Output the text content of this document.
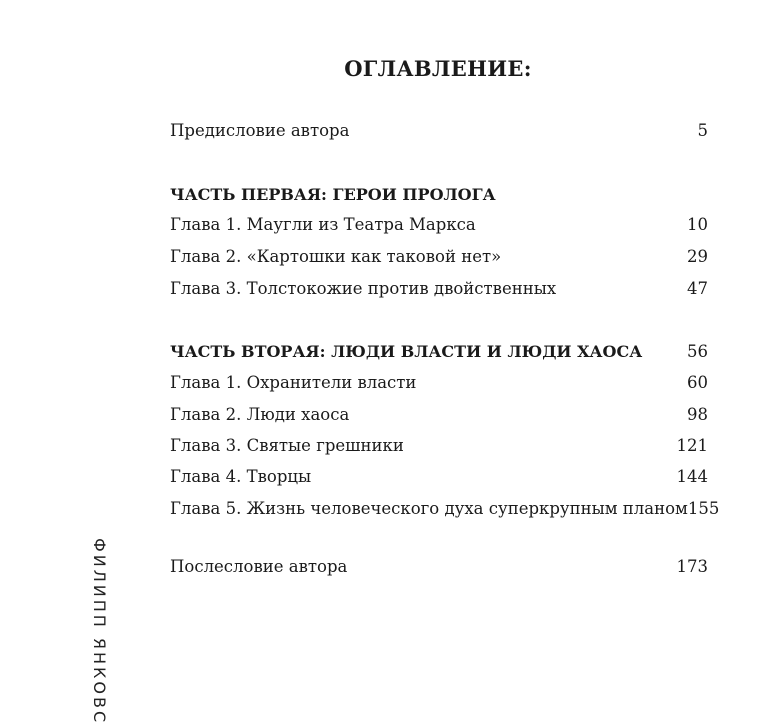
ОГЛАВЛЕНИЕ:
Предисловие автора	5
ЧАСТЬ ПЕРВАЯ: ГЕРОИ ПРОЛОГА
Глава 1. Маугли из Театра Маркса	10
Глава 2. «Картошки как таковой нет»	29
Глава 3. Толстокожие против двойственных	47
ЧАСТЬ ВТОРАЯ: ЛЮДИ ВЛАСТИ И ЛЮДИ ХАОСА	56
Глава 1. Охранители власти	60
Глава 2. Люди хаоса	98
Глава 3. Святые грешники	121
Глава 4. Творцы	144
Глава 5. Жизнь человеческого духа суперкрупным планом 155
Послесловие автора	173
ФИЛИПП ЯНКОВС
